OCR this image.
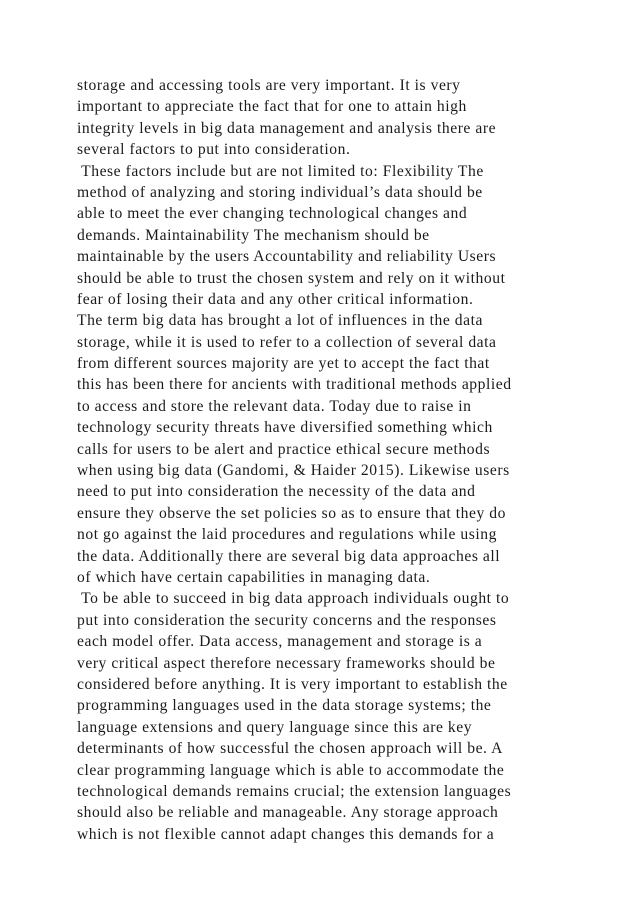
storage and accessing tools are very important. It is very
important to appreciate the fact that for one to attain high
integrity levels in big data management and analysis there are
several factors to put into consideration.
These factors include but are not limited to: Flexibility The
method of analyzing and storing individual’s data should be
able to meet the ever changing technological changes and
demands. Maintainability The mechanism should be
maintainable by the users Accountability and reliability Users
should be able to trust the chosen system and rely on it without
fear of losing their data and any other critical information.
The term big data has brought a lot of influences in the data
storage, while it is used to refer to a collection of several data
from different sources majority are yet to accept the fact that
this has been there for ancients with traditional methods applied
to access and store the relevant data. Today due to raise in
technology security threats have diversified something which
calls for users to be alert and practice ethical secure methods
when using big data (Gandomi, & Haider 2015). Likewise users
need to put into consideration the necessity of the data and
ensure they observe the set policies so as to ensure that they do
not go against the laid procedures and regulations while using
the data. Additionally there are several big data approaches all
of which have certain capabilities in managing data.
To be able to succeed in big data approach individuals ought to
put into consideration the security concerns and the responses
each model offer. Data access, management and storage is a
very critical aspect therefore necessary frameworks should be
considered before anything. It is very important to establish the
programming languages used in the data storage systems; the
language extensions and query language since this are key
determinants of how successful the chosen approach will be. A
clear programming language which is able to accommodate the
technological demands remains crucial; the extension languages
should also be reliable and manageable. Any storage approach
which is not flexible cannot adapt changes this demands for a
